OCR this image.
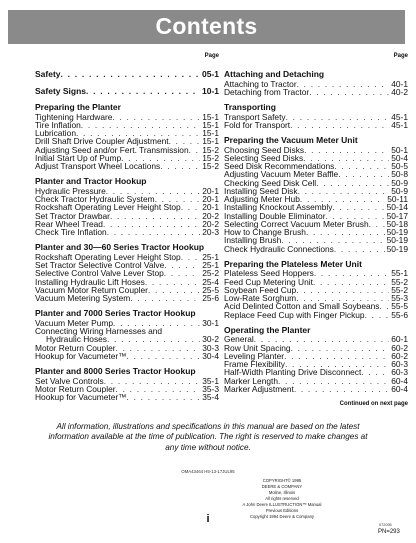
Contents
Page
Safety . . .	05-1
Safety Signs . . .	10-1
Preparing the Planter
Tightening Hardware . . .	15-1
Tire Inflation . . .	15-1
Lubrication . . .	15-1
Drill Shaft Drive Coupler Adjustment . . .	15-1
Adjusting Seed and/or Fert. Transmission . . . 15-2
Initial Start Up of Pump . . .	15-2
Adjust Transport Wheel Locations . . .	15-2
Planter and Tractor Hookup
Hydraulic Pressure . . .	20-1
Check Tractor Hydraulic System . . .	20-1
Rockshaft Operating Lever Height Stop . . .	20-1
Set Tractor Drawbar . . .	20-2
Rear Wheel Tread . . .	20-2
Check Tire Inflation . . .	20-3
Planter and 30—60 Series Tractor Hookup
Rockshaft Operating Lever Height Stop . . .	25-1
Set Tractor Selective Control Valve . . .	25-1
Selective Control Valve Lever Stop . . .	25-2
Installing Hydraulic Lift Hoses . . .	25-4
Vacuum Motor Return Coupler . . .	25-5
Vacuum Metering System . . .	25-6
Planter and 7000 Series Tractor Hookup
Vacuum Meter Pump . . .	30-1
Connecting Wiring Harnesses and
Hydraulic Hoses . . .	30-2
Motor Return Coupler . . .	30-3
Hookup for Vacumeter™ . . .	30-4
Planter and 8000 Series Tractor Hookup
Set Valve Controls . . .	35-1
Motor Return Coupler . . .	35-3
Hookup for Vacumeter™ . . .	35-4
Page
Attaching and Detaching
Attaching to Tractor . . .	40-1
Detaching from Tractor . . .	40-2
Transporting
Transport Safety . . .	45-1
Fold for Transport . . .	45-1
Preparing the Vacuum Meter Unit
Choosing Seed Disks . . .	50-1
Selecting Seed Disks . . .	50-4
Seed Disk Recommendations . . .	50-5
Adjusting Vacuum Meter Baffle . . .	50-8
Checking Seed Disk Cell . . .	50-9
Installing Seed Disk . . .	50-9
Adjusting Meter Hub . . .	50-11
Installing Knockout Assembly . . .	50-14
Installing Double Eliminator . . .	50-17
Selecting Correct Vacuum Meter Brush . . . 50-18
How to Change Brush . . .	50-19
Installing Brush . . .	50-19
Check Hydraulic Connections . . .	50-19
Preparing the Plateless Meter Unit
Plateless Seed Hoppers . . .	55-1
Feed Cup Metering Unit . . .	55-2
Soybean Feed Cup . . .	55-2
Low-Rate Sorghum . . .	55-3
Acid Delinted Cotton and Small Soybeans . . . 55-5
Replace Feed Cup with Finger Pickup . . .	55-6
Operating the Planter
General . . .	60-1
Row Unit Spacing . . .	60-2
Leveling Planter . . .	60-2
Frame Flexibility . . .	60-3
Half-Width Planting Drive Disconnect . . .	60-3
Marker Length . . .	60-4
Marker Adjustment . . .	60-4
Continued on next page
All information, illustrations and specifications in this manual are based on the latest information available at the time of publication. The right is reserved to make changes at any time without notice.
OMA43464 H5-13-17JUL95
COPYRIGHT© 1995
DEERE & COMPANY
Moline, Illinois
All rights reserved
A John Deere ILLUSTRUCTION™ Manual
Previous Editions
Copyright 1994 Deere & Company
i	072095
PN=293
